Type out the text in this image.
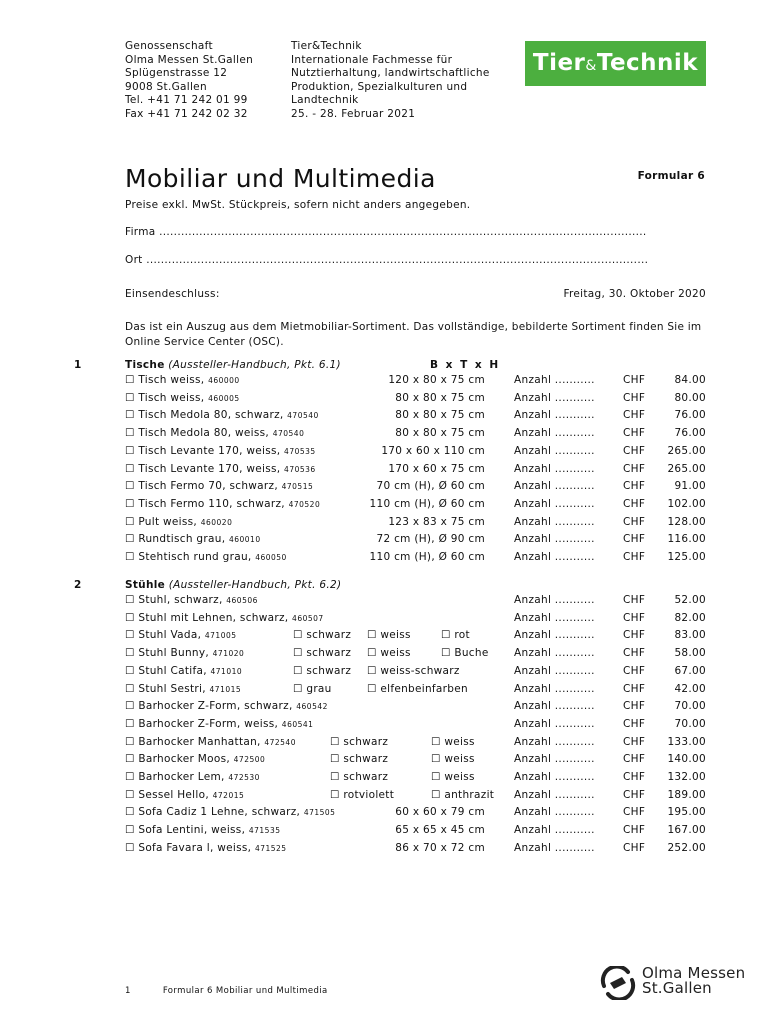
Genossenschaft
Olma Messen St.Gallen
Splügenstrasse 12
9008 St.Gallen
Tel. +41 71 242 01 99
Fax +41 71 242 02 32
Tier&Technik
Internationale Fachmesse für
Nutztierhaltung, landwirtschaftliche
Produktion, Spezialkulturen und
Landtechnik
25. - 28. Februar 2021
Tier&Technik
Mobiliar und Multimedia	Formular 6
Preise exkl. MwSt. Stückpreis, sofern nicht anders angegeben.
Firma ......................................................................................................................................
Ort ..........................................................................................................................................
Einsendeschluss:	Freitag, 30. Oktober 2020
Das ist ein Auszug aus dem Mietmobiliar-Sortiment. Das vollständige, bebilderte Sortiment finden Sie im Online Service Center (OSC).
1	Tische (Aussteller-Handbuch, Pkt. 6.1)	B x T x H
☐ Tisch weiss, 460000	120 x 80 x 75 cm	Anzahl ...........	CHF	84.00
☐ Tisch weiss, 460005	80 x 80 x 75 cm	Anzahl ...........	CHF	80.00
☐ Tisch Medola 80, schwarz, 470540	80 x 80 x 75 cm	Anzahl ...........	CHF	76.00
☐ Tisch Medola 80, weiss, 470540	80 x 80 x 75 cm	Anzahl ...........	CHF	76.00
☐ Tisch Levante 170, weiss, 470535	170 x 60 x 110 cm	Anzahl ...........	CHF 265.00
☐ Tisch Levante 170, weiss, 470536	170 x 60 x 75 cm	Anzahl ...........	CHF 265.00
☐ Tisch Fermo 70, schwarz, 470515	70 cm (H), Ø 60 cm	Anzahl ...........	CHF	91.00
☐ Tisch Fermo 110, schwarz, 470520	110 cm (H), Ø 60 cm	Anzahl ...........	CHF 102.00
☐ Pult weiss, 460020	123 x 83 x 75 cm	Anzahl ...........	CHF 128.00
☐ Rundtisch grau, 460010	72 cm (H), Ø 90 cm	Anzahl ...........	CHF 116.00
☐ Stehtisch rund grau, 460050	110 cm (H), Ø 60 cm	Anzahl ...........	CHF 125.00
2	Stühle (Aussteller-Handbuch, Pkt. 6.2)
☐ Stuhl, schwarz, 460506	Anzahl ...........	CHF	52.00
☐ Stuhl mit Lehnen, schwarz, 460507	Anzahl ...........	CHF	82.00
☐ Stuhl Vada, 471005	☐ schwarz ☐ weiss	☐ rot	Anzahl ...........	CHF	83.00
☐ Stuhl Bunny, 471020	☐ schwarz ☐ weiss	☐ Buche Anzahl ...........	CHF	58.00
☐ Stuhl Catifa, 471010	☐ schwarz ☐ weiss-schwarz	Anzahl ...........	CHF	67.00
☐ Stuhl Sestri, 471015	☐ grau	☐ elfenbeinfarben	Anzahl ...........	CHF	42.00
☐ Barhocker Z-Form, schwarz, 460542	Anzahl ...........	CHF	70.00
☐ Barhocker Z-Form, weiss, 460541	Anzahl ...........	CHF	70.00
☐ Barhocker Manhattan, 472540	☐ schwarz	☐ weiss	Anzahl ...........	CHF 133.00
☐ Barhocker Moos, 472500	☐ schwarz	☐ weiss	Anzahl ...........	CHF 140.00
☐ Barhocker Lem, 472530	☐ schwarz	☐ weiss	Anzahl ...........	CHF 132.00
☐ Sessel Hello, 472015	☐ rotviolett	☐ anthrazit Anzahl ...........	CHF 189.00
☐ Sofa Cadiz 1 Lehne, schwarz, 471505	60 x 60 x 79 cm	Anzahl ...........	CHF 195.00
☐ Sofa Lentini, weiss, 471535	65 x 65 x 45 cm	Anzahl ...........	CHF 167.00
☐ Sofa Favara l, weiss, 471525	86 x 70 x 72 cm	Anzahl ...........	CHF 252.00
1	Formular 6 Mobiliar und Multimedia
Olma Messen
St.Gallen
